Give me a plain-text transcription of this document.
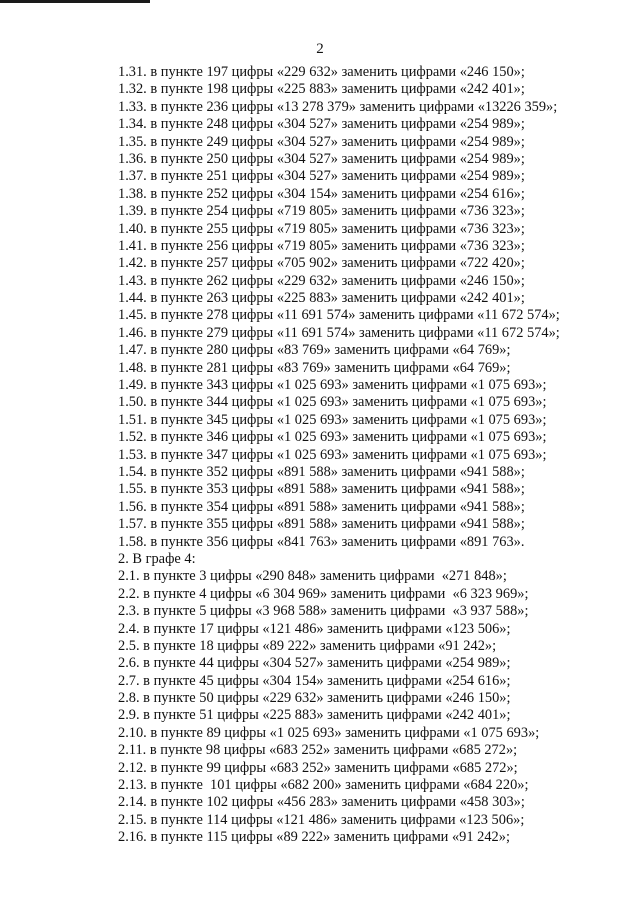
2
1.31. в пункте 197 цифры «229 632» заменить цифрами «246 150»;
1.32. в пункте 198 цифры «225 883» заменить цифрами «242 401»;
1.33. в пункте 236 цифры «13 278 379» заменить цифрами «13226 359»;
1.34. в пункте 248 цифры «304 527» заменить цифрами «254 989»;
1.35. в пункте 249 цифры «304 527» заменить цифрами «254 989»;
1.36. в пункте 250 цифры «304 527» заменить цифрами «254 989»;
1.37. в пункте 251 цифры «304 527» заменить цифрами «254 989»;
1.38. в пункте 252 цифры «304 154» заменить цифрами «254 616»;
1.39. в пункте 254 цифры «719 805» заменить цифрами «736 323»;
1.40. в пункте 255 цифры «719 805» заменить цифрами «736 323»;
1.41. в пункте 256 цифры «719 805» заменить цифрами «736 323»;
1.42. в пункте 257 цифры «705 902» заменить цифрами «722 420»;
1.43. в пункте 262 цифры «229 632» заменить цифрами «246 150»;
1.44. в пункте 263 цифры «225 883» заменить цифрами «242 401»;
1.45. в пункте 278 цифры «11 691 574» заменить цифрами «11 672 574»;
1.46. в пункте 279 цифры «11 691 574» заменить цифрами «11 672 574»;
1.47. в пункте 280 цифры «83 769» заменить цифрами «64 769»;
1.48. в пункте 281 цифры «83 769» заменить цифрами «64 769»;
1.49. в пункте 343 цифры «1 025 693» заменить цифрами «1 075 693»;
1.50. в пункте 344 цифры «1 025 693» заменить цифрами «1 075 693»;
1.51. в пункте 345 цифры «1 025 693» заменить цифрами «1 075 693»;
1.52. в пункте 346 цифры «1 025 693» заменить цифрами «1 075 693»;
1.53. в пункте 347 цифры «1 025 693» заменить цифрами «1 075 693»;
1.54. в пункте 352 цифры «891 588» заменить цифрами «941 588»;
1.55. в пункте 353 цифры «891 588» заменить цифрами «941 588»;
1.56. в пункте 354 цифры «891 588» заменить цифрами «941 588»;
1.57. в пункте 355 цифры «891 588» заменить цифрами «941 588»;
1.58. в пункте 356 цифры «841 763» заменить цифрами «891 763».
2. В графе 4:
2.1. в пункте 3 цифры «290 848» заменить цифрами  «271 848»;
2.2. в пункте 4 цифры «6 304 969» заменить цифрами  «6 323 969»;
2.3. в пункте 5 цифры «3 968 588» заменить цифрами  «3 937 588»;
2.4. в пункте 17 цифры «121 486» заменить цифрами «123 506»;
2.5. в пункте 18 цифры «89 222» заменить цифрами «91 242»;
2.6. в пункте 44 цифры «304 527» заменить цифрами «254 989»;
2.7. в пункте 45 цифры «304 154» заменить цифрами «254 616»;
2.8. в пункте 50 цифры «229 632» заменить цифрами «246 150»;
2.9. в пункте 51 цифры «225 883» заменить цифрами «242 401»;
2.10. в пункте 89 цифры «1 025 693» заменить цифрами «1 075 693»;
2.11. в пункте 98 цифры «683 252» заменить цифрами «685 272»;
2.12. в пункте 99 цифры «683 252» заменить цифрами «685 272»;
2.13. в пункте  101 цифры «682 200» заменить цифрами «684 220»;
2.14. в пункте 102 цифры «456 283» заменить цифрами «458 303»;
2.15. в пункте 114 цифры «121 486» заменить цифрами «123 506»;
2.16. в пункте 115 цифры «89 222» заменить цифрами «91 242»;
